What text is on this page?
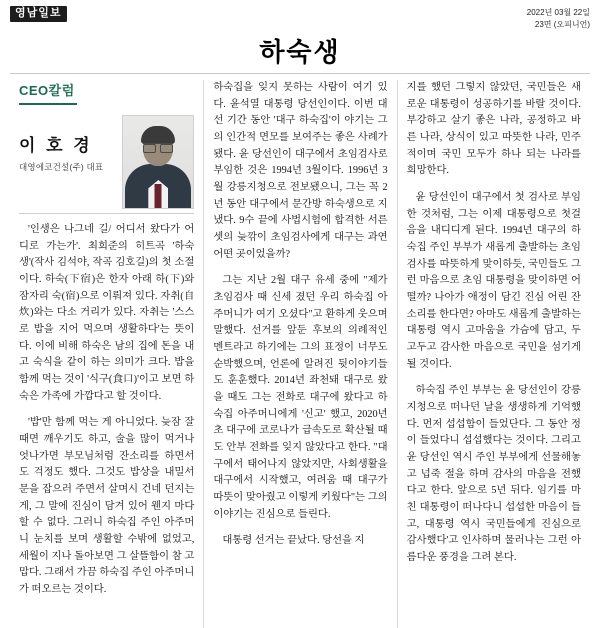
영남일보	2022년 03월 22일
23면 (오피니언)
하숙생
CEO칼럼
이 호 경
대영에코건설(주) 대표

'인생은 나그네 길/ 어디서 왔다가 어디로 가는가'. 최희준의 히트곡 '하숙생'(작사 김석야, 작곡 김호길)의 첫 소절이다. 하숙(下宿)은 한자 아래 하(下)와 잠자리 숙(宿)으로 이뤄져 있다. 자취(自炊)와는 다소 거리가 있다. 자취는 '스스로 밥을 지어 먹으며 생활하다'는 뜻이다. 이에 비해 하숙은 남의 집에 돈을 내고 숙식을 같이 하는 의미가 크다. 밥을 함께 먹는 것이 '식구(食口)'이고 보면 하숙은 가족에 가깝다고 할 것이다.

'밥'만 함께 먹는 게 아니었다. 늦잠 잘 때면 깨우기도 하고, 술을 많이 먹거나 엇나가면 부모님처럼 잔소리를 하면서도 걱정도 했다. 그것도 밥상을 내밀서 문을 잡으러 주면서 살며시 건네 던지는 게, 그 말에 진심이 담겨 있어 웬지 마다할 수 없다. 그러니 하숙집 주인 아주머니 눈치를 보며 생활할 수밖에 없었고, 세월이 지나 돌아보면 그 살뜰함이 참 고맙다. 그래서 가끔 하숙집 주인 아주머니가 떠오르는 것이다.

하숙집을 잊지 못하는 사람이 여기 있다. 윤석열 대통령 당선인이다. 이번 대선 기간 동안 '대구 하숙집'이 야기는 그의 인간적 면모를 보여주는 좋은 사례가 됐다. 윤 당선인이 대구에서 초임검사로 부임한 것은 1994년 3월이다. 1996년 3월 강릉지청으로 전보됐으니, 그는 꼭 2년 동안 대구에서 문간방 하숙생으로 지냈다. 9수 끝에 사법시험에 합격한 서른셋의 늦깎이 초임검사에게 대구는 과연 어떤 곳이었을까?

그는 지난 2월 대구 유세 중에 "제가 초임검사 때 신세 졌던 우리 하숙집 아주머니가 여기 오셨다"고 환하게 웃으며 말했다. 선거를 앞둔 후보의 의례적인 멘트라고 하기에는 그의 표정이 너무도 순박했으며, 언론에 알려진 뒷이야기들도 훈훈했다. 2014년 좌천돼 대구로 왔을 때도 그는 전화로 대구에 왔다고 하숙집 아주머니에게 '신고' 했고, 2020년 초 대구에 코로나가 급속도로 확산될 때도 안부 전화를 잊지 않았다고 한다. "대구에서 태어나지 않았지만, 사회생활을 대구에서 시작했고, 여려움 때 대구가 따뜻이 맞아줬고 이렇게 키웠다"는 그의 이야기는 진심으로 들린다.

대통령 선거는 끝났다. 당선을 지

지를 했던 그렇지 않았던, 국민들은 새로운 대통령이 성공하기를 바랄 것이다. 부강하고 살기 좋은 나라, 공정하고 바른 나라, 상식이 있고 따뜻한 나라, 민주적이며 국민 모두가 하나 되는 나라를 희망한다.

윤 당선인이 대구에서 첫 검사로 부임한 것처럼, 그는 이제 대통령으로 첫걸음을 내디디게 된다. 1994년 대구의 하숙집 주인 부부가 새롭게 출발하는 초임검사를 따뜻하게 맞이하듯, 국민들도 그런 마음으로 초임 대통령을 맞이하면 어떨까? 나아가 애정이 담긴 진심 어린 잔소리를 한다면? 아마도 새롭게 출발하는 대통령 역시 고마움을 가슴에 담고, 두고두고 감사한 마음으로 국민을 섬기게 될 것이다.

하숙집 주인 부부는 윤 당선인이 강릉지청으로 떠나던 날을 생생하게 기억했다. 먼저 섭섭함이 들었단다. 그 동안 정이 들었다니 섭섭했다는 것이다. 그리고 윤 당선인 역시 주인 부부에게 선물해놓고 넙죽 절을 하며 감사의 마음을 전했다고 한다. 앞으로 5년 뒤다. 임기를 마친 대통령이 떠나다니 섭섭한 마음이 들고, 대통령 역시 국민들에게 진심으로 감사했다'고 인사하며 물러나는 그런 아름다운 풍경을 그려 본다.
